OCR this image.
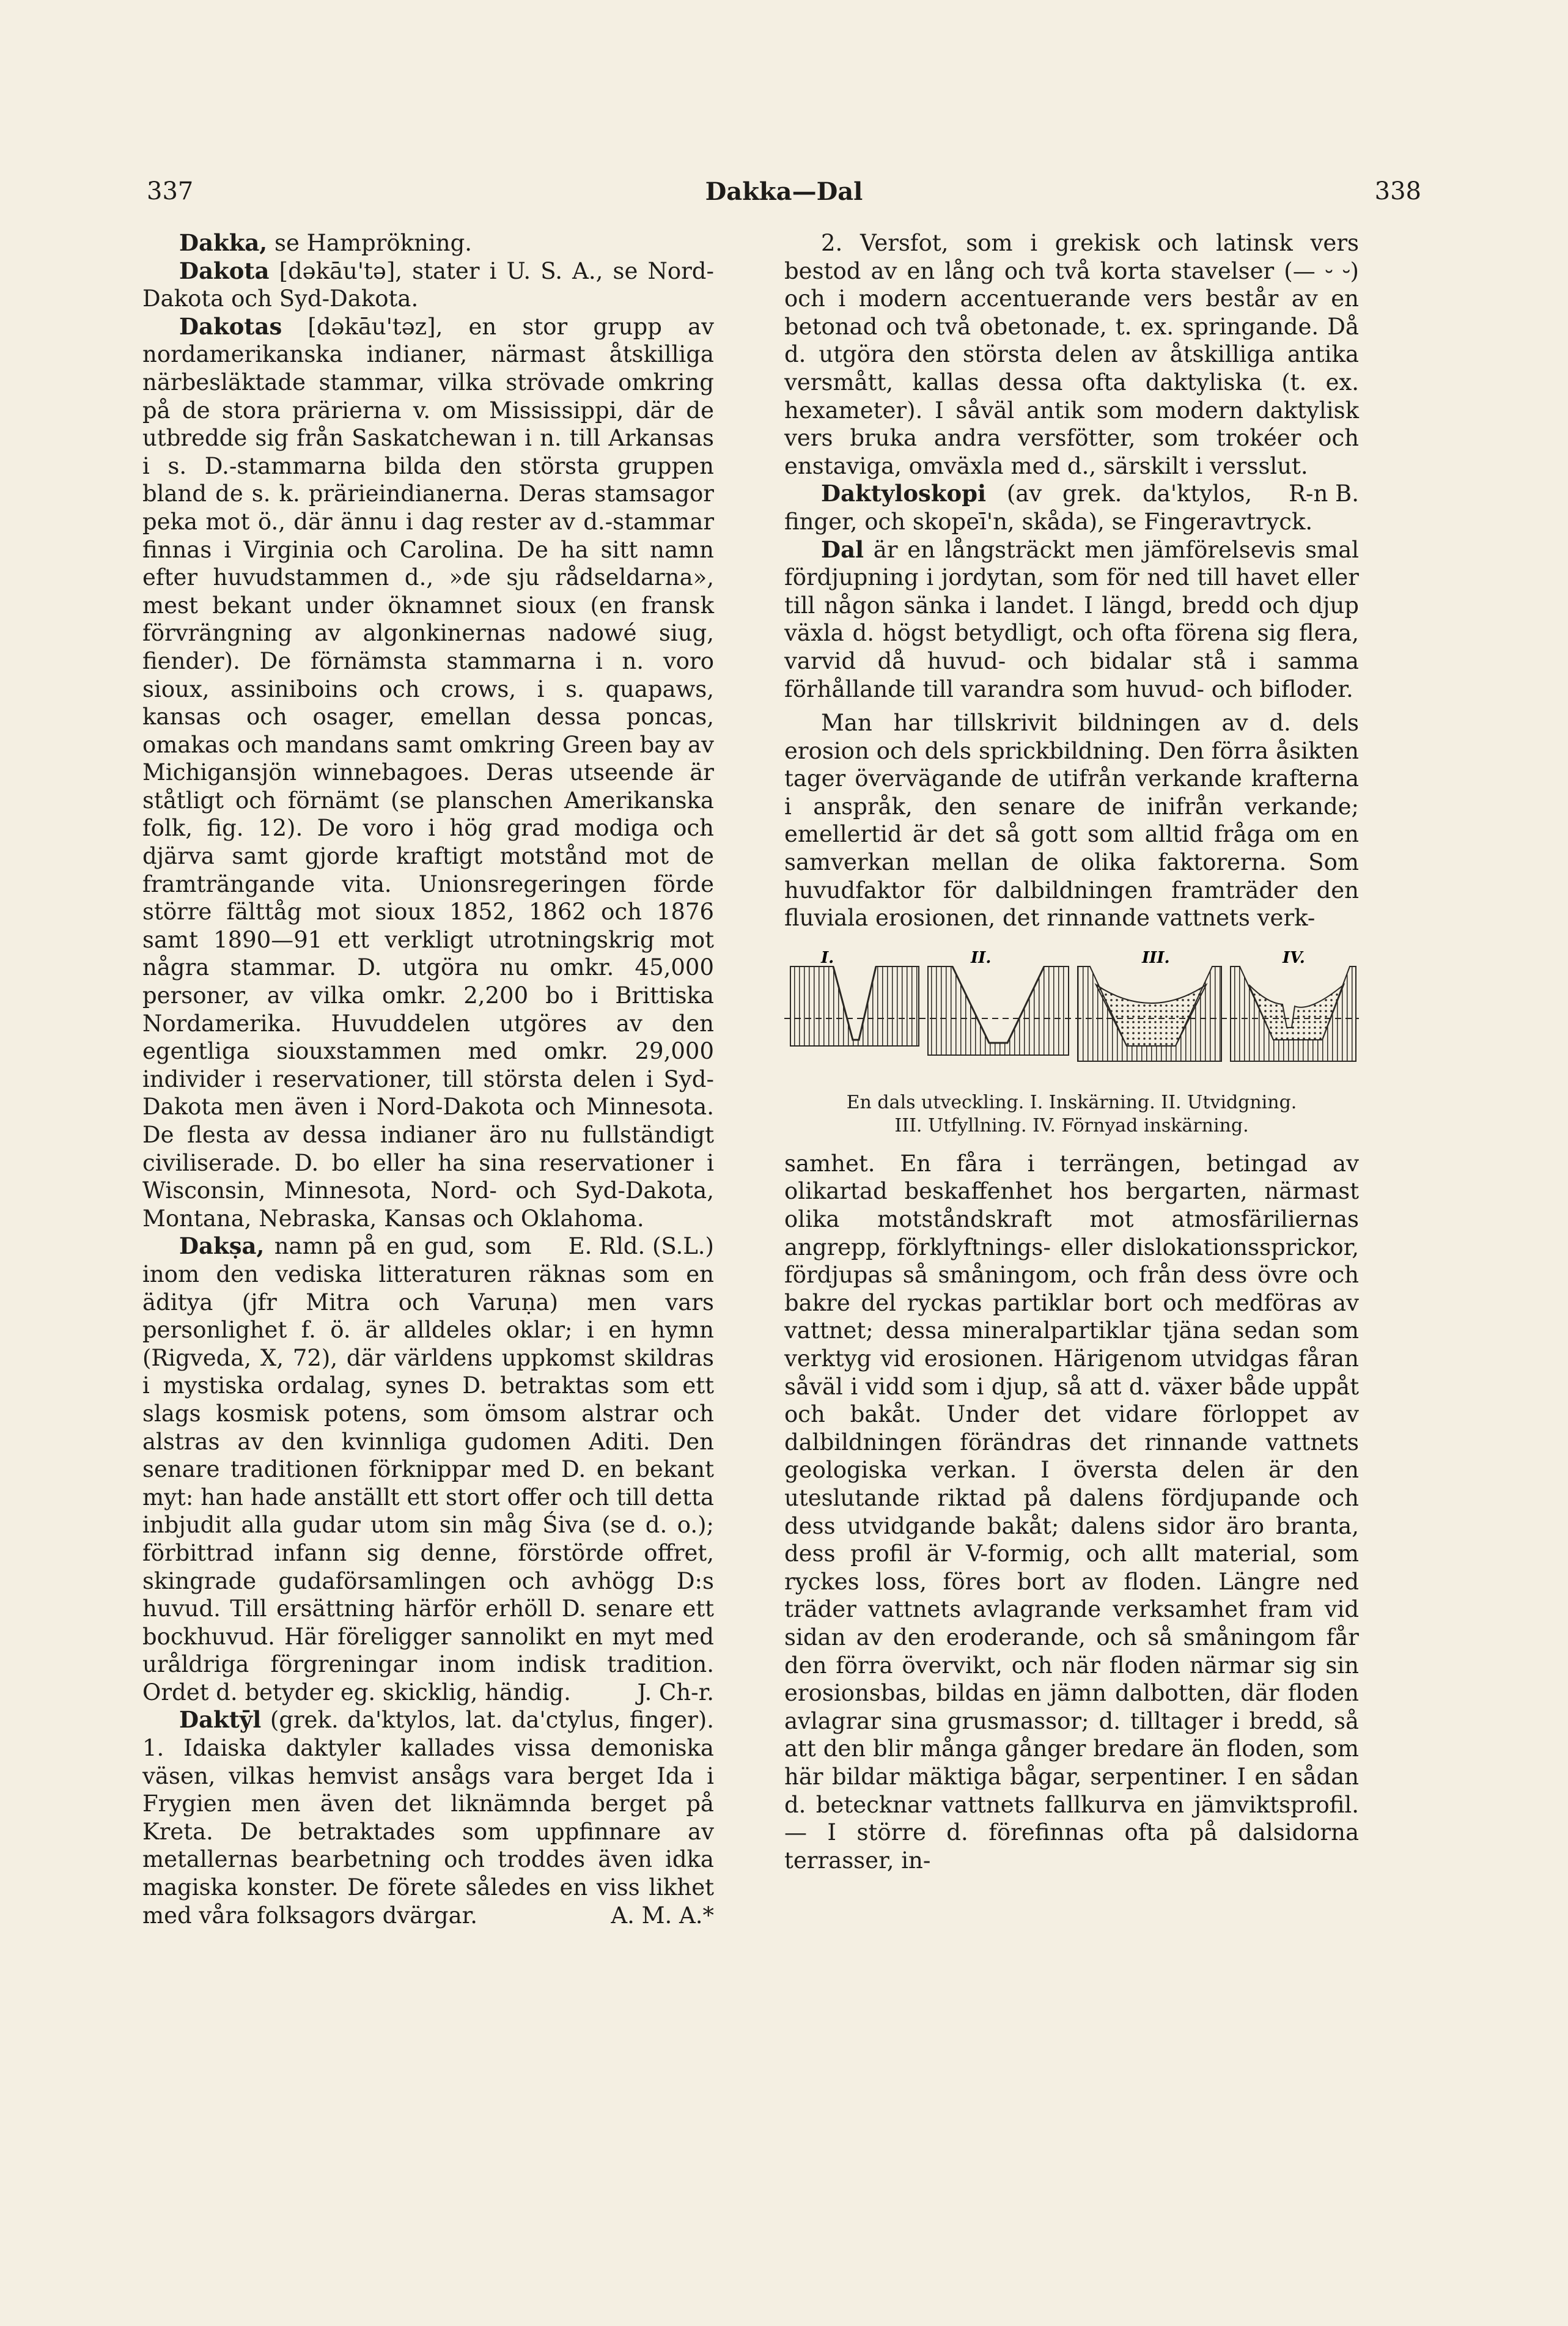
337	Dakka—Dal	338

Dakka, se Hamprökning.

Dakota [dəkāu'tə], stater i U. S. A., se Nord-Dakota och Syd-Dakota.

Dakotas [dəkāu'təz], en stor grupp av nordamerikanska indianer, närmast åtskilliga närbesläktade stammar, vilka strövade omkring på de stora prärierna v. om Mississippi, där de utbredde sig från Saskatchewan i n. till Arkansas i s. D.-stammarna bilda den största gruppen bland de s. k. prärieindianerna. Deras stamsagor peka mot ö., där ännu i dag rester av d.-stammar finnas i Virginia och Carolina. De ha sitt namn efter huvudstammen d., »de sju rådseldarna», mest bekant under öknamnet sioux (en fransk förvrängning av algonkinernas nadowé siug, fiender). De förnämsta stammarna i n. voro sioux, assiniboins och crows, i s. quapaws, kansas och osager, emellan dessa poncas, omakas och mandans samt omkring Green bay av Michigansjön winnebagoes. Deras utseende är ståtligt och förnämt (se planschen Amerikanska folk, fig. 12). De voro i hög grad modiga och djärva samt gjorde kraftigt motstånd mot de framträngande vita. Unionsregeringen förde större fälttåg mot sioux 1852, 1862 och 1876 samt 1890—91 ett verkligt utrotningskrig mot några stammar. D. utgöra nu omkr. 45,000 personer, av vilka omkr. 2,200 bo i Brittiska Nordamerika. Huvuddelen utgöres av den egentliga siouxstammen med omkr. 29,000 individer i reservationer, till största delen i Syd-Dakota men även i Nord-Dakota och Minnesota. De flesta av dessa indianer äro nu fullständigt civiliserade. D. bo eller ha sina reservationer i Wisconsin, Minnesota, Nord- och Syd-Dakota, Montana, Nebraska, Kansas och Oklahoma.
E. Rld. (S.L.)

Dakṣa, namn på en gud, som inom den vediska litteraturen räknas som en äditya (jfr Mitra och Varuṇa) men vars personlighet f. ö. är alldeles oklar; i en hymn (Rigveda, X, 72), där världens uppkomst skildras i mystiska ordalag, synes D. betraktas som ett slags kosmisk potens, som ömsom alstrar och alstras av den kvinnliga gudomen Aditi. Den senare traditionen förknippar med D. en bekant myt: han hade anställt ett stort offer och till detta inbjudit alla gudar utom sin måg Śiva (se d. o.); förbittrad infann sig denne, förstörde offret, skingrade gudaförsamlingen och avhögg D:s huvud. Till ersättning härför erhöll D. senare ett bockhuvud. Här föreligger sannolikt en myt med uråldriga förgreningar inom indisk tradition. Ordet d. betyder eg. skicklig, händig.	J. Ch-r.

Daktȳl (grek. da'ktylos, lat. da'ctylus, finger). 1. Idaiska daktyler kallades vissa demoniska väsen, vilkas hemvist ansågs vara berget Ida i Frygien men även det liknämnda berget på Kreta. De betraktades som uppfinnare av metallernas bearbetning och troddes även idka magiska konster. De förete således en viss likhet med våra folksagors dvärgar.	A. M. A.*

2. Versfot, som i grekisk och latinsk vers bestod av en lång och två korta stavelser (— ⏑ ⏑) och i modern accentuerande vers består av en betonad och två obetonade, t. ex. springande. Då d. utgöra den största delen av åtskilliga antika versmått, kallas dessa ofta daktyliska (t. ex. hexameter). I såväl antik som modern daktylisk vers bruka andra versfötter, som trokéer och enstaviga, omväxla med d., särskilt i versslut.
R-n B.

Daktyloskopi (av grek. da'ktylos, finger, och skopeī'n, skåda), se Fingeravtryck.

Dal är en långsträckt men jämförelsevis smal fördjupning i jordytan, som för ned till havet eller till någon sänka i landet. I längd, bredd och djup växla d. högst betydligt, och ofta förena sig flera, varvid då huvud- och bidalar stå i samma förhållande till varandra som huvud- och bifloder.

Man har tillskrivit bildningen av d. dels erosion och dels sprickbildning. Den förra åsikten tager övervägande de utifrån verkande krafterna i anspråk, den senare de inifrån verkande; emellertid är det så gott som alltid fråga om en samverkan mellan de olika faktorerna. Som huvudfaktor för dalbildningen framträder den fluviala erosionen, det rinnande vattnets verk-

I.	II.	III.	IV.
En dals utveckling. I. Inskärning. II. Utvidgning.
III. Utfyllning. IV. Förnyad inskärning.

samhet. En fåra i terrängen, betingad av olikartad beskaffenhet hos bergarten, närmast olika motståndskraft mot atmosfäriliernas angrepp, förklyftnings- eller dislokationssprickor, fördjupas så småningom, och från dess övre och bakre del ryckas partiklar bort och medföras av vattnet; dessa mineralpartiklar tjäna sedan som verktyg vid erosionen. Härigenom utvidgas fåran såväl i vidd som i djup, så att d. växer både uppåt och bakåt. Under det vidare förloppet av dalbildningen förändras det rinnande vattnets geologiska verkan. I översta delen är den uteslutande riktad på dalens fördjupande och dess utvidgande bakåt; dalens sidor äro branta, dess profil är V-formig, och allt material, som ryckes loss, föres bort av floden. Längre ned träder vattnets avlagrande verksamhet fram vid sidan av den eroderande, och så småningom får den förra övervikt, och när floden närmar sig sin erosionsbas, bildas en jämn dalbotten, där floden avlagrar sina grusmassor; d. tilltager i bredd, så att den blir många gånger bredare än floden, som här bildar mäktiga bågar, serpentiner. I en sådan d. betecknar vattnets fallkurva en jämviktsprofil. — I större d. förefinnas ofta på dalsidorna terrasser, in-
